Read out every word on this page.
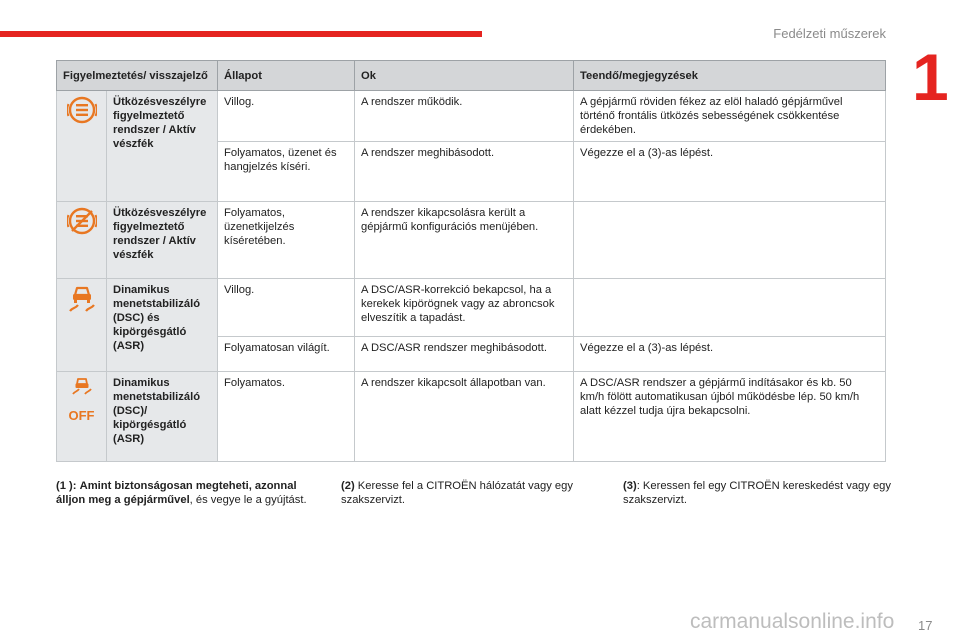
Fedélzeti műszerek
1
Figyelmeztetés/ visszajelző		Állapot	Ok	Teendő/megjegyzések
	Ütközésveszélyre figyelmeztető rendszer / Aktív vészfék	Villog.	A rendszer működik.	A gépjármű röviden fékez az elöl haladó gépjárművel történő frontális ütközés sebességének csökkentése érdekében.
		Folyamatos, üzenet és hangjelzés kíséri.	A rendszer meghibásodott.	Végezze el a (3)-as lépést.
	Ütközésveszélyre figyelmeztető rendszer / Aktív vészfék	Folyamatos, üzenetkijelzés kíséretében.	A rendszer kikapcsolásra került a gépjármű konfigurációs menüjében.	
	Dinamikus menetstabilizáló (DSC) és kipörgésgátló (ASR)	Villog.	A DSC/ASR-korrekció bekapcsol, ha a kerekek kipörögnek vagy az abroncsok elveszítik a tapadást.	
		Folyamatosan világít.	A DSC/ASR rendszer meghibásodott.	Végezze el a (3)-as lépést.

OFF	Dinamikus menetstabilizáló (DSC)/ kipörgésgátló (ASR)	Folyamatos.	A rendszer kikapcsolt állapotban van.	A DSC/ASR rendszer a gépjármű indításakor és kb. 50 km/h fölött automatikusan újból működésbe lép. 50 km/h alatt kézzel tudja újra bekapcsolni.
(1 ): Amint biztonságosan megteheti, azonnal álljon meg a gépjárművel, és vegye le a gyújtást.
(2) Keresse fel a CITROËN hálózatát vagy egy szakszervizt.
(3): Keressen fel egy CITROËN kereskedést vagy egy szakszervizt.
carmanualsonline.info 17
